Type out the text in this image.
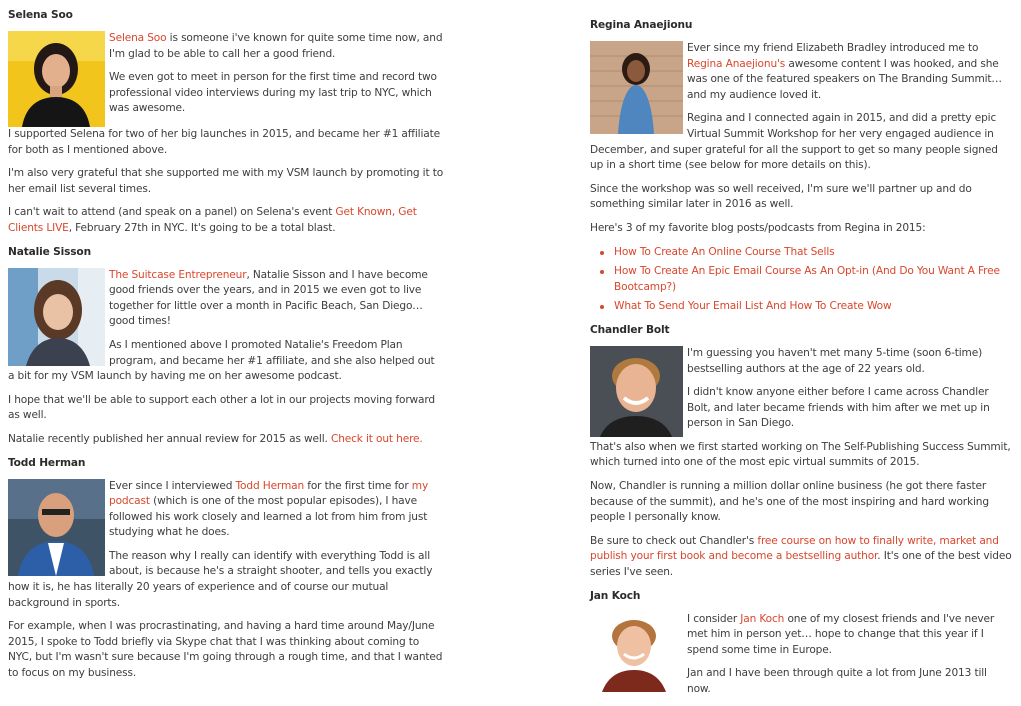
Selena Soo

Selena Soo is someone i've known for quite some time now, and I'm glad to be able to call her a good friend.

We even got to meet in person for the first time and record two professional video interviews during my last trip to NYC, which was awesome.

I supported Selena for two of her big launches in 2015, and became her #1 affiliate for both as I mentioned above.

I'm also very grateful that she supported me with my VSM launch by promoting it to her email list several times.

I can't wait to attend (and speak on a panel) on Selena's event Get Known, Get Clients LIVE, February 27th in NYC. It's going to be a total blast.

Natalie Sisson

The Suitcase Entrepreneur, Natalie Sisson and I have become good friends over the years, and in 2015 we even got to live together for little over a month in Pacific Beach, San Diego… good times!

As I mentioned above I promoted Natalie's Freedom Plan program, and became her #1 affiliate, and she also helped out a bit for my VSM launch by having me on her awesome podcast.

I hope that we'll be able to support each other a lot in our projects moving forward as well.

Natalie recently published her annual review for 2015 as well. Check it out here.

Todd Herman

Ever since I interviewed Todd Herman for the first time for my podcast (which is one of the most popular episodes), I have followed his work closely and learned a lot from him from just studying what he does.

The reason why I really can identify with everything Todd is all about, is because he's a straight shooter, and tells you exactly how it is, he has literally 20 years of experience and of course our mutual background in sports.

For example, when I was procrastinating, and having a hard time around May/June 2015, I spoke to Todd briefly via Skype chat that I was thinking about coming to NYC, but I'm wasn't sure because I'm going through a rough time, and that I wanted to focus on my business.

Regina Anaejionu

Ever since my friend Elizabeth Bradley introduced me to Regina Anaejionu's awesome content I was hooked, and she was one of the featured speakers on The Branding Summit… and my audience loved it.

Regina and I connected again in 2015, and did a pretty epic Virtual Summit Workshop for her very engaged audience in December, and super grateful for all the support to get so many people signed up in a short time (see below for more details on this).

Since the workshop was so well received, I'm sure we'll partner up and do something similar later in 2016 as well.

Here's 3 of my favorite blog posts/podcasts from Regina in 2015:

How To Create An Online Course That Sells
How To Create An Epic Email Course As An Opt-in (And Do You Want A Free Bootcamp?)
What To Send Your Email List And How To Create Wow
Chandler Bolt

I'm guessing you haven't met many 5-time (soon 6-time) bestselling authors at the age of 22 years old.

I didn't know anyone either before I came across Chandler Bolt, and later became friends with him after we met up in person in San Diego.

That's also when we first started working on The Self-Publishing Success Summit, which turned into one of the most epic virtual summits of 2015.

Now, Chandler is running a million dollar online business (he got there faster because of the summit), and he's one of the most inspiring and hard working people I personally know.

Be sure to check out Chandler's free course on how to finally write, market and publish your first book and become a bestselling author. It's one of the best video series I've seen.

Jan Koch

I consider Jan Koch one of my closest friends and I've never met him in person yet… hope to change that this year if I spend some time in Europe.

Jan and I have been through quite a lot from June 2013 till now.
